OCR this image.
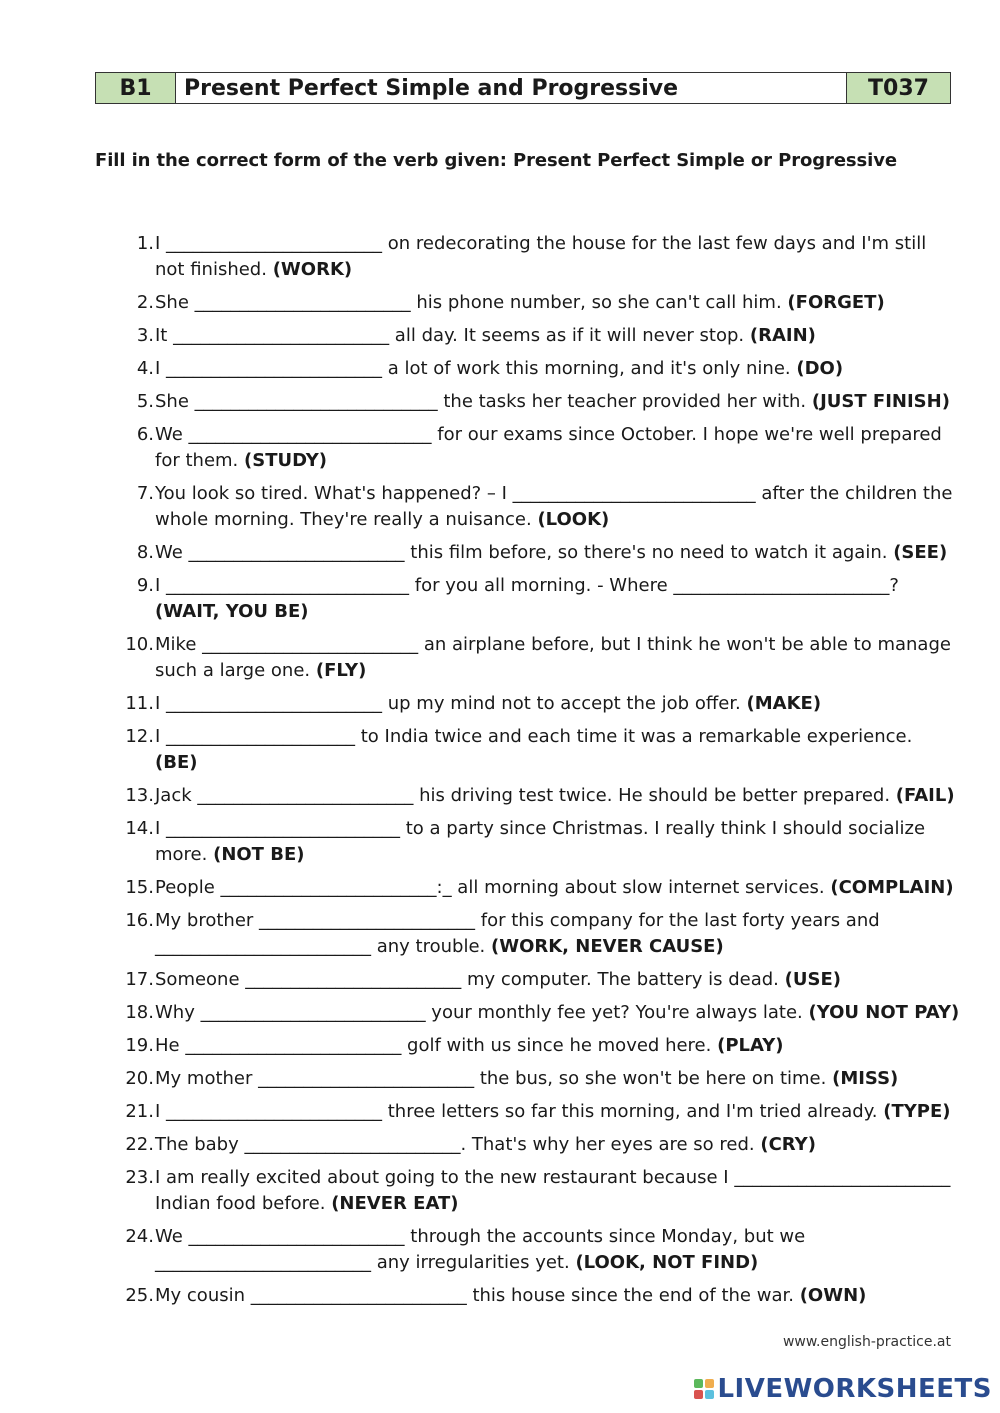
B1	Present Perfect Simple and Progressive	T037
Fill in the correct form of the verb given: Present Perfect Simple or Progressive
1. I ________________________ on redecorating the house for the last few days and I'm still not finished. (WORK)
2. She ________________________ his phone number, so she can't call him. (FORGET)
3. It ________________________ all day. It seems as if it will never stop. (RAIN)
4. I ________________________ a lot of work this morning, and it's only nine. (DO)
5. She ___________________________ the tasks her teacher provided her with. (JUST FINISH)
6. We ___________________________ for our exams since October. I hope we're well prepared for them. (STUDY)
7. You look so tired. What's happened? – I ___________________________ after the children the whole morning. They're really a nuisance. (LOOK)
8. We ________________________ this film before, so there's no need to watch it again. (SEE)
9. I ___________________________ for you all morning. - Where ________________________? (WAIT, YOU BE)
10. Mike ________________________ an airplane before, but I think he won't be able to manage such a large one. (FLY)
11. I ________________________ up my mind not to accept the job offer. (MAKE)
12. I _____________________ to India twice and each time it was a remarkable experience. (BE)
13. Jack ________________________ his driving test twice. He should be better prepared. (FAIL)
14. I __________________________ to a party since Christmas. I really think I should socialize more. (NOT BE)
15. People ________________________:_ all morning about slow internet services. (COMPLAIN)
16. My brother ________________________ for this company for the last forty years and ________________________ any trouble. (WORK, NEVER CAUSE)
17. Someone ________________________ my computer. The battery is dead. (USE)
18. Why _________________________ your monthly fee yet? You're always late. (YOU NOT PAY)
19. He ________________________ golf with us since he moved here. (PLAY)
20. My mother ________________________ the bus, so she won't be here on time. (MISS)
21. I ________________________ three letters so far this morning, and I'm tried already. (TYPE)
22. The baby ________________________. That's why her eyes are so red. (CRY)
23. I am really excited about going to the new restaurant because I ________________________ Indian food before. (NEVER EAT)
24. We ________________________ through the accounts since Monday, but we ________________________ any irregularities yet. (LOOK, NOT FIND)
25. My cousin ________________________ this house since the end of the war. (OWN)
www.english-practice.at
LIVEWORKSHEETS
